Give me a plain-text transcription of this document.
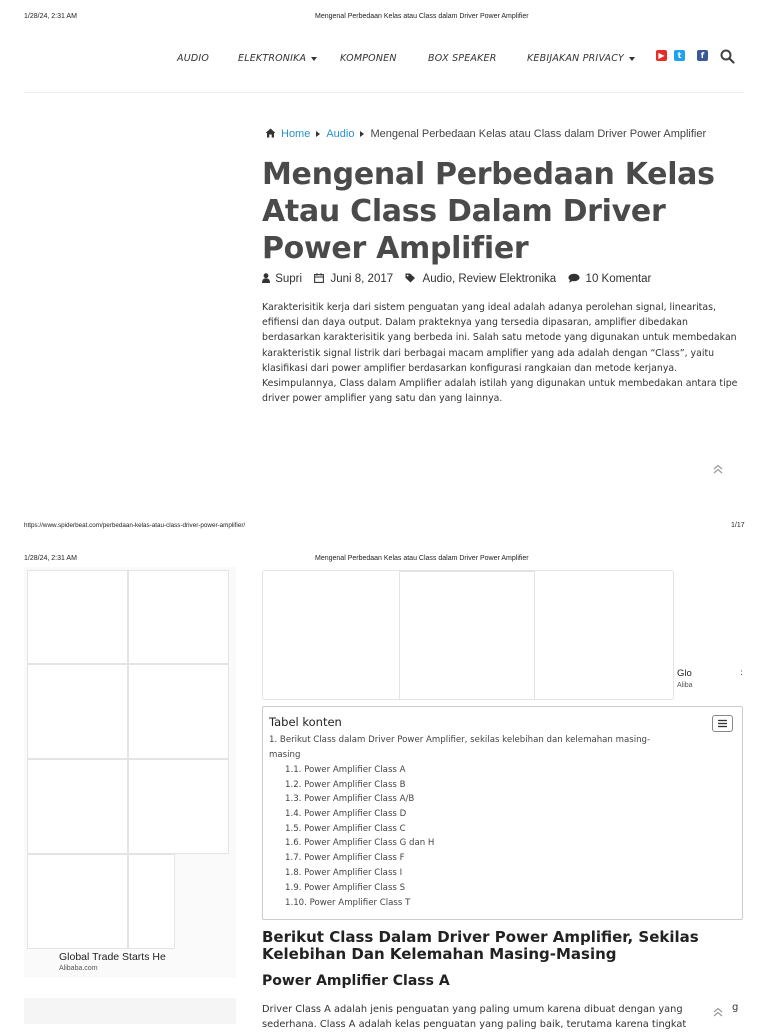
1/28/24, 2:31 AM	Mengenal Perbedaan Kelas atau Class dalam Driver Power Amplifier
AUDIO	ELEKTRONIKA	KOMPONEN	BOX SPEAKER	KEBIJAKAN PRIVACY	▶	t	f
Home Audio Mengenal Perbedaan Kelas atau Class dalam Driver Power Amplifier
Mengenal Perbedaan Kelas Atau Class Dalam Driver Power Amplifier
Supri Juni 8, 2017	Audio, Review Elektronika	10 Komentar
Karakterisitik kerja dari sistem penguatan yang ideal adalah adanya perolehan signal, linearitas, efifiensi dan daya output. Dalam prakteknya yang tersedia dipasaran, amplifier dibedakan berdasarkan karakterisitik yang berbeda ini. Salah satu metode yang digunakan untuk membedakan karakteristik signal listrik dari berbagai macam amplifier yang ada adalah dengan “Class”, yaitu klasifikasi dari power amplifier berdasarkan konfigurasi rangkaian dan metode kerjanya. Kesimpulannya, Class dalam Amplifier adalah istilah yang digunakan untuk membedakan antara tipe driver power amplifier yang satu dan yang lainnya.
https://www.spiderbeat.com/perbedaan-kelas-atau-class-driver-power-amplifier/	1/17
1/28/24, 2:31 AM	Mengenal Perbedaan Kelas atau Class dalam Driver Power Amplifier
Global Trade Starts He
Alibaba.com
Glo
Aliba
:
Tabel konten
1. Berikut Class dalam Driver Power Amplifier, sekilas kelebihan dan kelemahan masing-
masing
1.1. Power Amplifier Class A
1.2. Power Amplifier Class B
1.3. Power Amplifier Class A/B
1.4. Power Amplifier Class D
1.5. Power Amplifier Class C
1.6. Power Amplifier Class G dan H
1.7. Power Amplifier Class F
1.8. Power Amplifier Class I
1.9. Power Amplifier Class S
1.10. Power Amplifier Class T
Berikut Class Dalam Driver Power Amplifier, Sekilas Kelebihan Dan Kelemahan Masing-Masing
Power Amplifier Class A
Driver Class A adalah jenis penguatan yang paling umum karena dibuat dengan yang
sederhana. Class A adalah kelas penguatan yang paling baik, terutama karena tingkat
g
